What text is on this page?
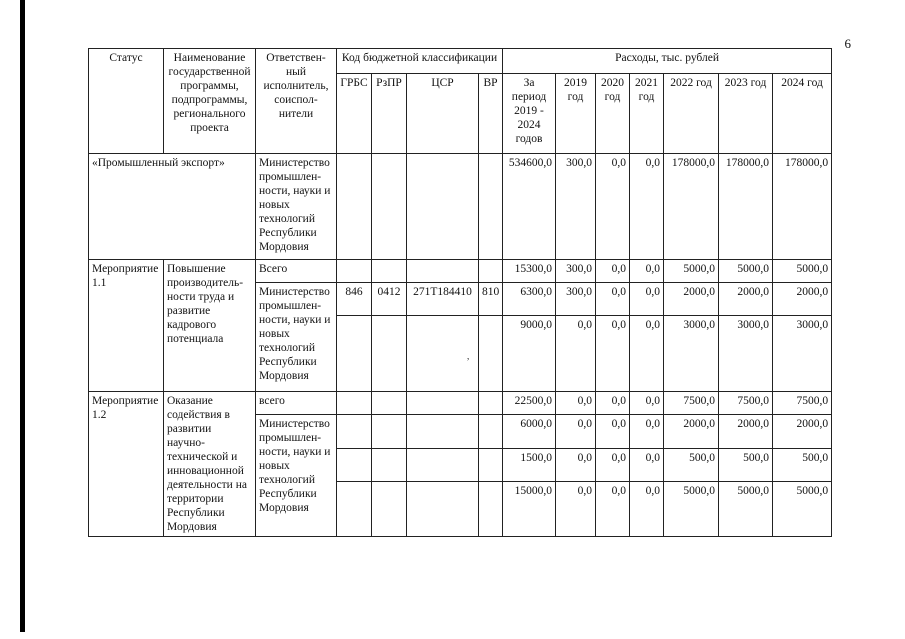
6
Статус	Наименование государственной программы, подпрограммы, регионального проекта	Ответствен-ный исполнитель, соиспол-нители	Код бюджетной классификации				Расходы, тыс. рублей						
			ГРБС	РзПР	ЦСР	ВР	За период 2019 - 2024 годов	2019 год	2020 год	2021 год	2022 год	2023 год	2024 год
«Промышленный экспорт»		Министерство промышлен-ности, науки и новых технологий Республики Мордовия					534600,0	300,0	0,0	0,0	178000,0	178000,0	178000,0
Мероприятие 1.1	Повышение производитель-ности труда и развитие кадрового потенциала	Всего					15300,0	300,0	0,0	0,0	5000,0	5000,0	5000,0
		Министерство промышлен-ности, науки и новых технологий Республики Мордовия	846	0412	271Т184410	810	6300,0	300,0	0,0	0,0	2000,0	2000,0	2000,0
							9000,0	0,0	0,0	0,0	3000,0	3000,0	3000,0
Мероприятие 1.2	Оказание содействия в развитии научно-технической и инновационной деятельности на территории Республики Мордовия	всего					22500,0	0,0	0,0	0,0	7500,0	7500,0	7500,0
		Министерство промышлен-ности, науки и новых технологий Республики Мордовия					6000,0	0,0	0,0	0,0	2000,0	2000,0	2000,0
							1500,0	0,0	0,0	0,0	500,0	500,0	500,0
							15000,0	0,0	0,0	0,0	5000,0	5000,0	5000,0
,
